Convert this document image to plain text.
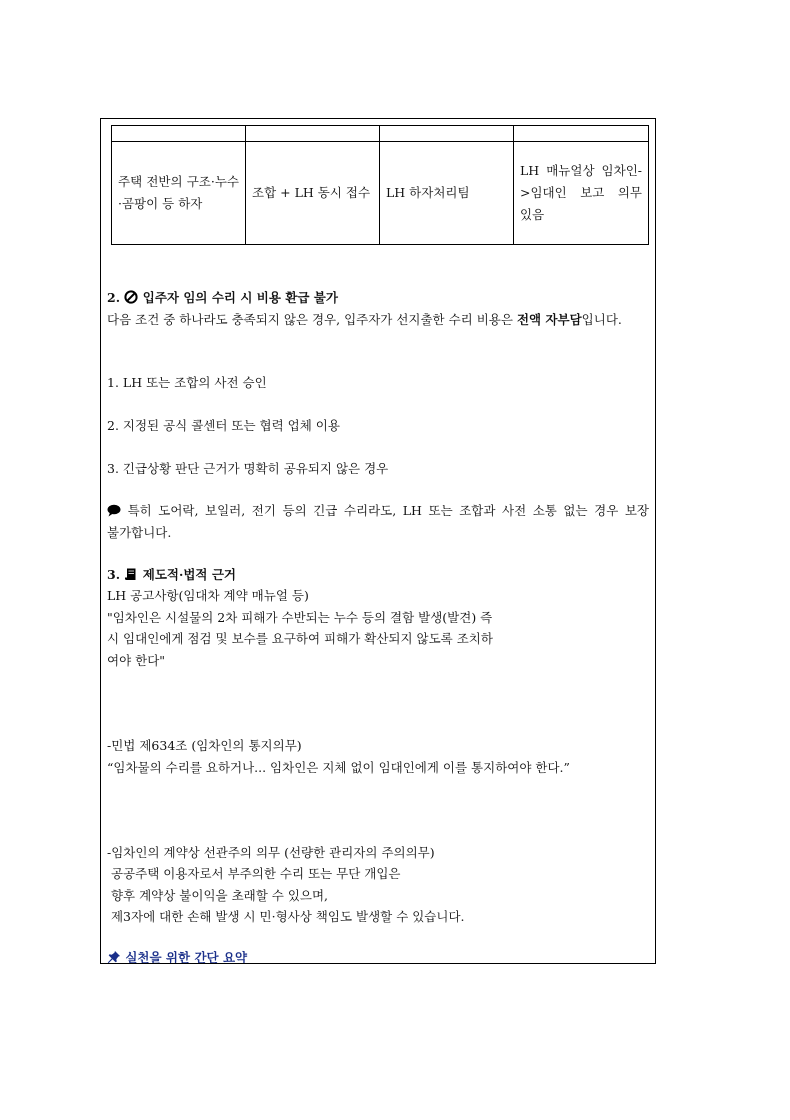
주택 전반의 구조·누수·곰팡이 등 하자	조합 + LH 동시 접수	LH 하자처리팀	LH 매뉴얼상 임차인->임대인 보고 의무 있음
2. 입주자 임의 수리 시 비용 환급 불가
다음 조건 중 하나라도 충족되지 않은 경우, 입주자가 선지출한 수리 비용은 전액 자부담입니다.
1. LH 또는 조합의 사전 승인
2. 지정된 공식 콜센터 또는 협력 업체 이용
3. 긴급상황 판단 근거가 명확히 공유되지 않은 경우
특히 도어락, 보일러, 전기 등의 긴급 수리라도, LH 또는 조합과 사전 소통 없는 경우 보장 불가합니다.
3. 제도적·법적 근거
LH 공고사항(임대차 계약 매뉴얼 등)
"임차인은 시설물의 2차 피해가 수반되는 누수 등의 결함 발생(발견) 즉
시 임대인에게 점검 및 보수를 요구하여 피해가 확산되지 않도록 조치하
여야 한다"
-민법 제634조 (임차인의 통지의무)
“임차물의 수리를 요하거나... 임차인은 지체 없이 임대인에게 이를 통지하여야 한다.”
-임차인의 계약상 선관주의 의무 (선량한 관리자의 주의의무)
공공주택 이용자로서 부주의한 수리 또는 무단 개입은
향후 계약상 불이익을 초래할 수 있으며,
제3자에 대한 손해 발생 시 민·형사상 책임도 발생할 수 있습니다.
실천을 위한 간단 요약
